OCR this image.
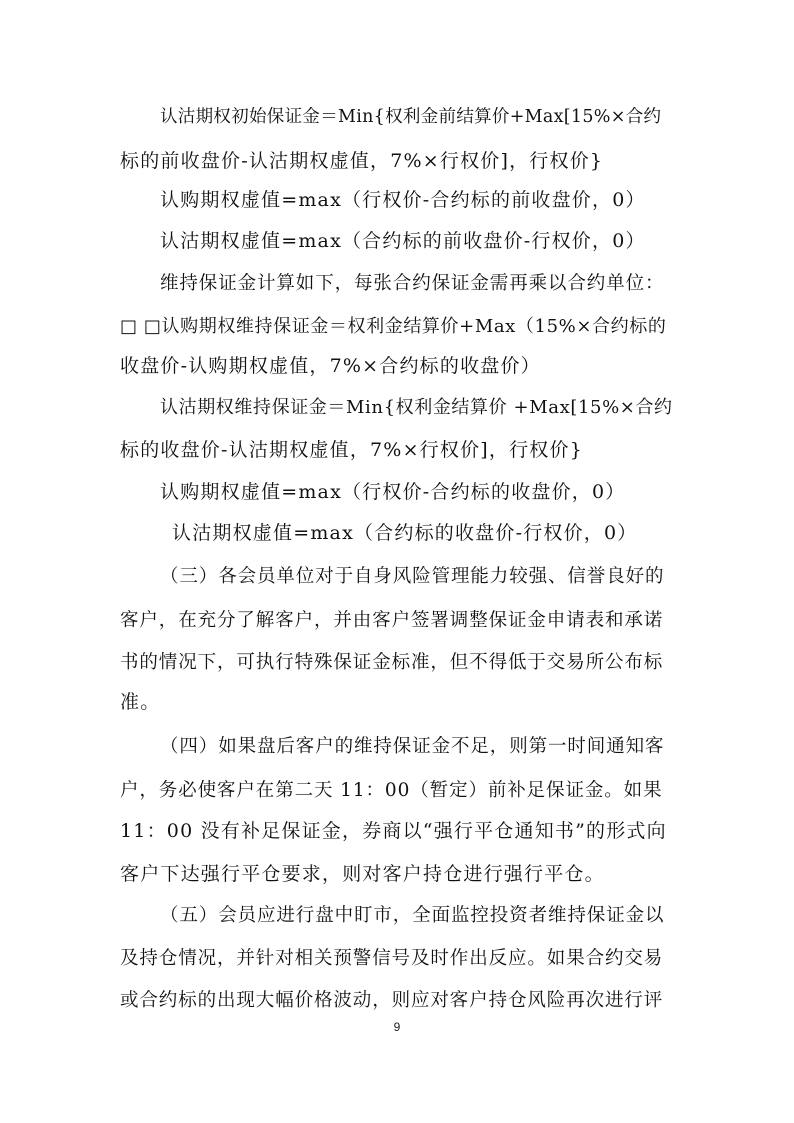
认沽期权初始保证金＝Min{权利金前结算价+Max[15%×合约
标的前收盘价-认沽期权虚值，7%×行权价]，行权价}
认购期权虚值=max（行权价-合约标的前收盘价，0）
认沽期权虚值=max（合约标的前收盘价-行权价，0）
维持保证金计算如下，每张合约保证金需再乘以合约单位：
□ □认购期权维持保证金＝权利金结算价+Max（15%×合约标的
收盘价-认购期权虚值，7%×合约标的收盘价）
认沽期权维持保证金＝Min{权利金结算价 +Max[15%×合约
标的收盘价-认沽期权虚值，7%×行权价]，行权价}
认购期权虚值=max（行权价-合约标的收盘价，0）
认沽期权虚值=max（合约标的收盘价-行权价，0）
（三）各会员单位对于自身风险管理能力较强、信誉良好的
客户，在充分了解客户，并由客户签署调整保证金申请表和承诺
书的情况下，可执行特殊保证金标准，但不得低于交易所公布标
准。
（四）如果盘后客户的维持保证金不足，则第一时间通知客
户，务必使客户在第二天 11：00（暂定）前补足保证金。如果
11：00 没有补足保证金，券商以“强行平仓通知书”的形式向
客户下达强行平仓要求，则对客户持仓进行强行平仓。
（五）会员应进行盘中盯市，全面监控投资者维持保证金以
及持仓情况，并针对相关预警信号及时作出反应。如果合约交易
或合约标的出现大幅价格波动，则应对客户持仓风险再次进行评
9
